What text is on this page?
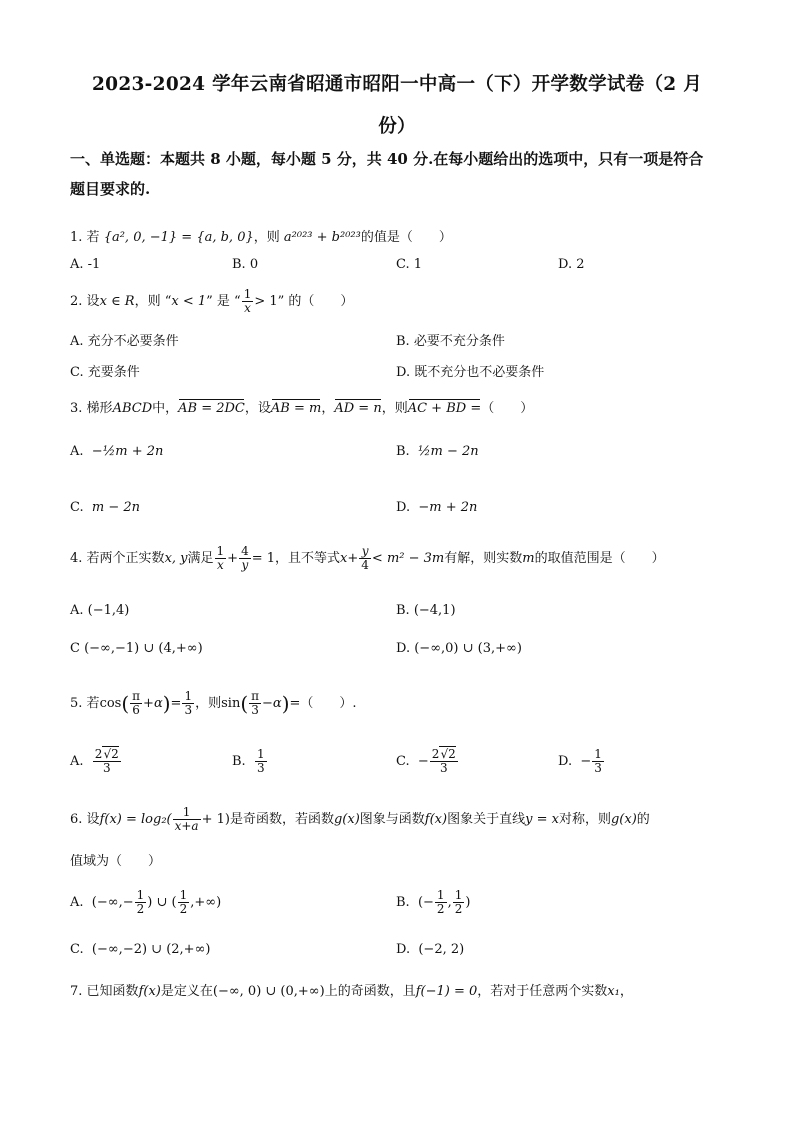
2023-2024 学年云南省昭通市昭阳一中高一（下）开学数学试卷（2 月
份）
一、单选题：本题共 8 小题，每小题 5 分，共 40 分.在每小题给出的选项中，只有一项是符合
题目要求的.
1. 若 {a², 0, −1} = {a, b, 0}，则 a²⁰²³ + b²⁰²³的值是（　　）
A. -1	B. 0	C. 1	D. 2
2. 设x ∈ R，则 “x < 1” 是 “ $\frac{1}{x} > 1$” 的（　　）
A. 充分不必要条件	B. 必要不充分条件
C. 充要条件	D. 既不充分也不必要条件
3. 梯形ABCD中，AB = 2DC，设AB = m，AD = n，则AC + BD =（　　）
A. −½m + 2n	B. ½m − 2n
C. m − 2n	D. −m + 2n
4. 若两个正实数x, y满足 $\frac{1}{x} + \frac{4}{y} = 1$，且不等式$x+ \frac{y}{4} < m^2 - 3m$有解，则实数m的取值范围是（　　）
A. (−1,4)	B. (−4,1)
C (−∞,−1) ∪ (4,+∞)	D. (−∞,0) ∪ (3,+∞)
5. 若$\cos( \frac{\pi}{6} +\alpha)= \frac{1}{3}$ ，则$\sin( \frac{\pi}{3} -\alpha)=$（　　）.
A. $\frac{2√2}{3}$	B. $\frac{1}{3}$	C.  − $\frac{2√2}{3}$	D.  − $\frac{1}{3}$
6. 设$f(x) = \log_2( \frac{1}{x+a} + 1)$是奇函数，若函数g(x)图象与函数f(x)图象关于直线y = x对称，则g(x)的
值域为（　　）
A. (−∞,− $\frac{1}{2}$ ) ∪ ( $\frac{1}{2}$ ,+∞)	B. (− $\frac{1}{2}$ , $\frac{1}{2}$ )
C. (−∞,−2) ∪ (2,+∞)	D. (−2, 2)
7. 已知函数f(x)是定义在(−∞, 0) ∪ (0,+∞)上的奇函数，且f(−1) = 0，若对于任意两个实数x₁，
